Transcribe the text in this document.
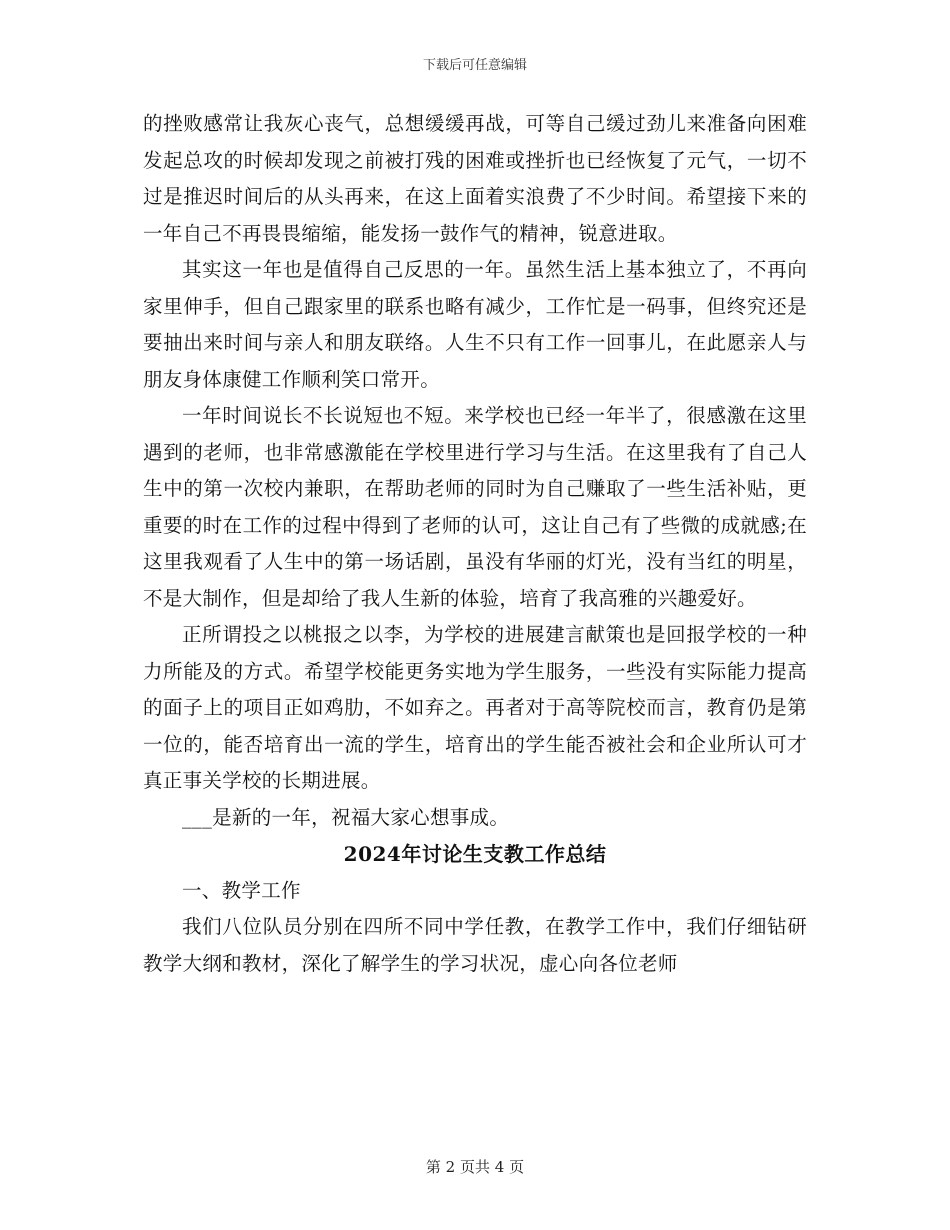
下载后可任意编辑

的挫败感常让我灰心丧气，总想缓缓再战，可等自己缓过劲儿来准备向困难发起总攻的时候却发现之前被打残的困难或挫折也已经恢复了元气，一切不过是推迟时间后的从头再来，在这上面着实浪费了不少时间。希望接下来的一年自己不再畏畏缩缩，能发扬一鼓作气的精神，锐意进取。

其实这一年也是值得自己反思的一年。虽然生活上基本独立了，不再向家里伸手，但自己跟家里的联系也略有减少，工作忙是一码事，但终究还是要抽出来时间与亲人和朋友联络。人生不只有工作一回事儿，在此愿亲人与朋友身体康健工作顺利笑口常开。

一年时间说长不长说短也不短。来学校也已经一年半了，很感激在这里遇到的老师，也非常感激能在学校里进行学习与生活。在这里我有了自己人生中的第一次校内兼职，在帮助老师的同时为自己赚取了一些生活补贴，更重要的时在工作的过程中得到了老师的认可，这让自己有了些微的成就感;在这里我观看了人生中的第一场话剧，虽没有华丽的灯光，没有当红的明星，不是大制作，但是却给了我人生新的体验，培育了我高雅的兴趣爱好。

正所谓投之以桃报之以李，为学校的进展建言献策也是回报学校的一种力所能及的方式。希望学校能更务实地为学生服务，一些没有实际能力提高的面子上的项目正如鸡肋，不如弃之。再者对于高等院校而言，教育仍是第一位的，能否培育出一流的学生，培育出的学生能否被社会和企业所认可才真正事关学校的长期进展。

___是新的一年，祝福大家心想事成。

2024年讨论生支教工作总结

一、教学工作

我们八位队员分别在四所不同中学任教，在教学工作中，我们仔细钻研教学大纲和教材，深化了解学生的学习状况，虚心向各位老师

第 2 页共 4 页
